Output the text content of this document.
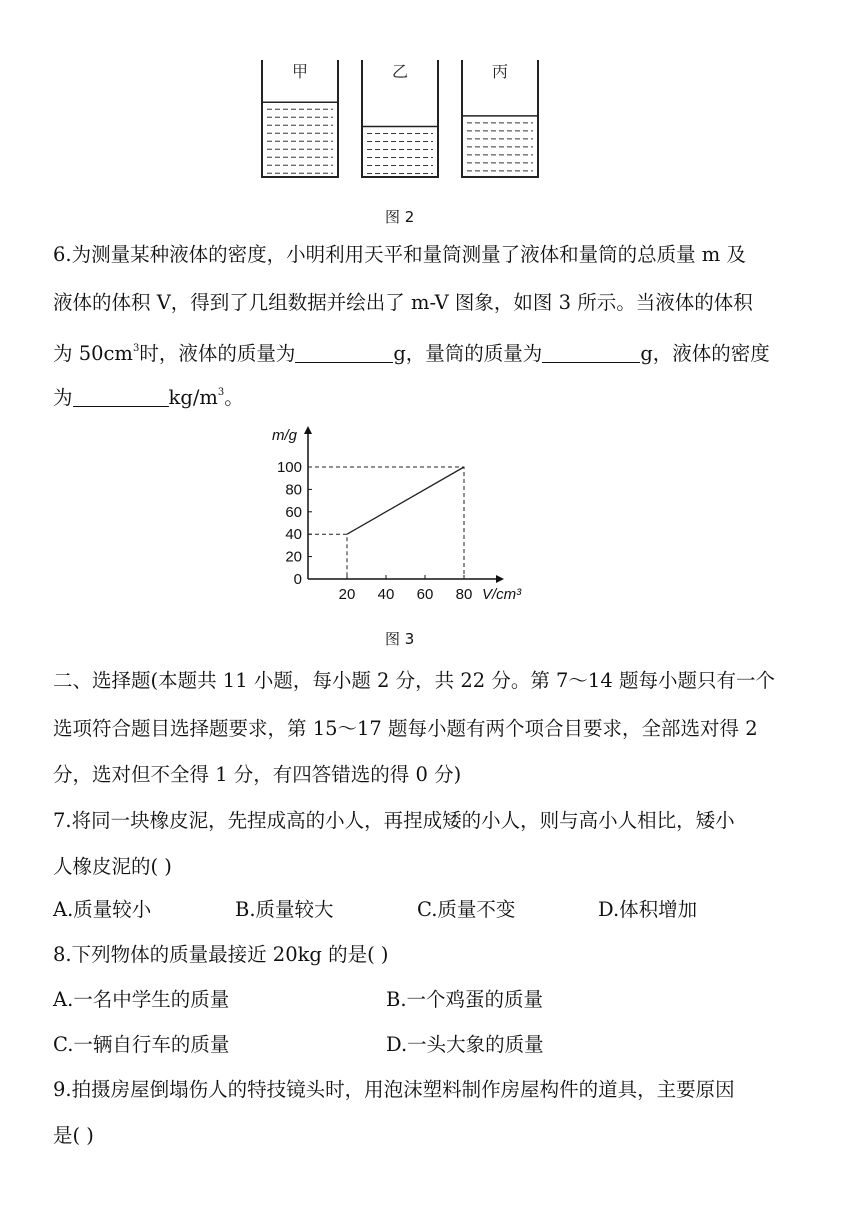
甲	乙	丙
图 2
6.为测量某种液体的密度，小明利用天平和量筒测量了液体和量筒的总质量 m 及
液体的体积 V，得到了几组数据并绘出了 m-V 图象，如图 3 所示。当液体的体积
为 $50cm^3$时，液体的质量为	g，量筒的质量为	g，液体的密度
为	$kg/m^3$。
0
20
40
60
80
100
20 40 60 80
m/g
V/cm³
图 3
二、选择题(本题共 11 小题，每小题 2 分，共 22 分。第 7～14 题每小题只有一个
选项符合题目选择题要求，第 15～17 题每小题有两个项合目要求，全部选对得 2
分，选对但不全得 1 分，有四答错选的得 0 分)
7.将同一块橡皮泥，先捏成高的小人，再捏成矮的小人，则与高小人相比，矮小
人橡皮泥的( )
A.质量较小	B.质量较大	C.质量不变	D.体积增加
8.下列物体的质量最接近 20kg 的是( )
A.一名中学生的质量	B.一个鸡蛋的质量
C.一辆自行车的质量	D.一头大象的质量
9.拍摄房屋倒塌伤人的特技镜头时，用泡沫塑料制作房屋构件的道具，主要原因
是( )
